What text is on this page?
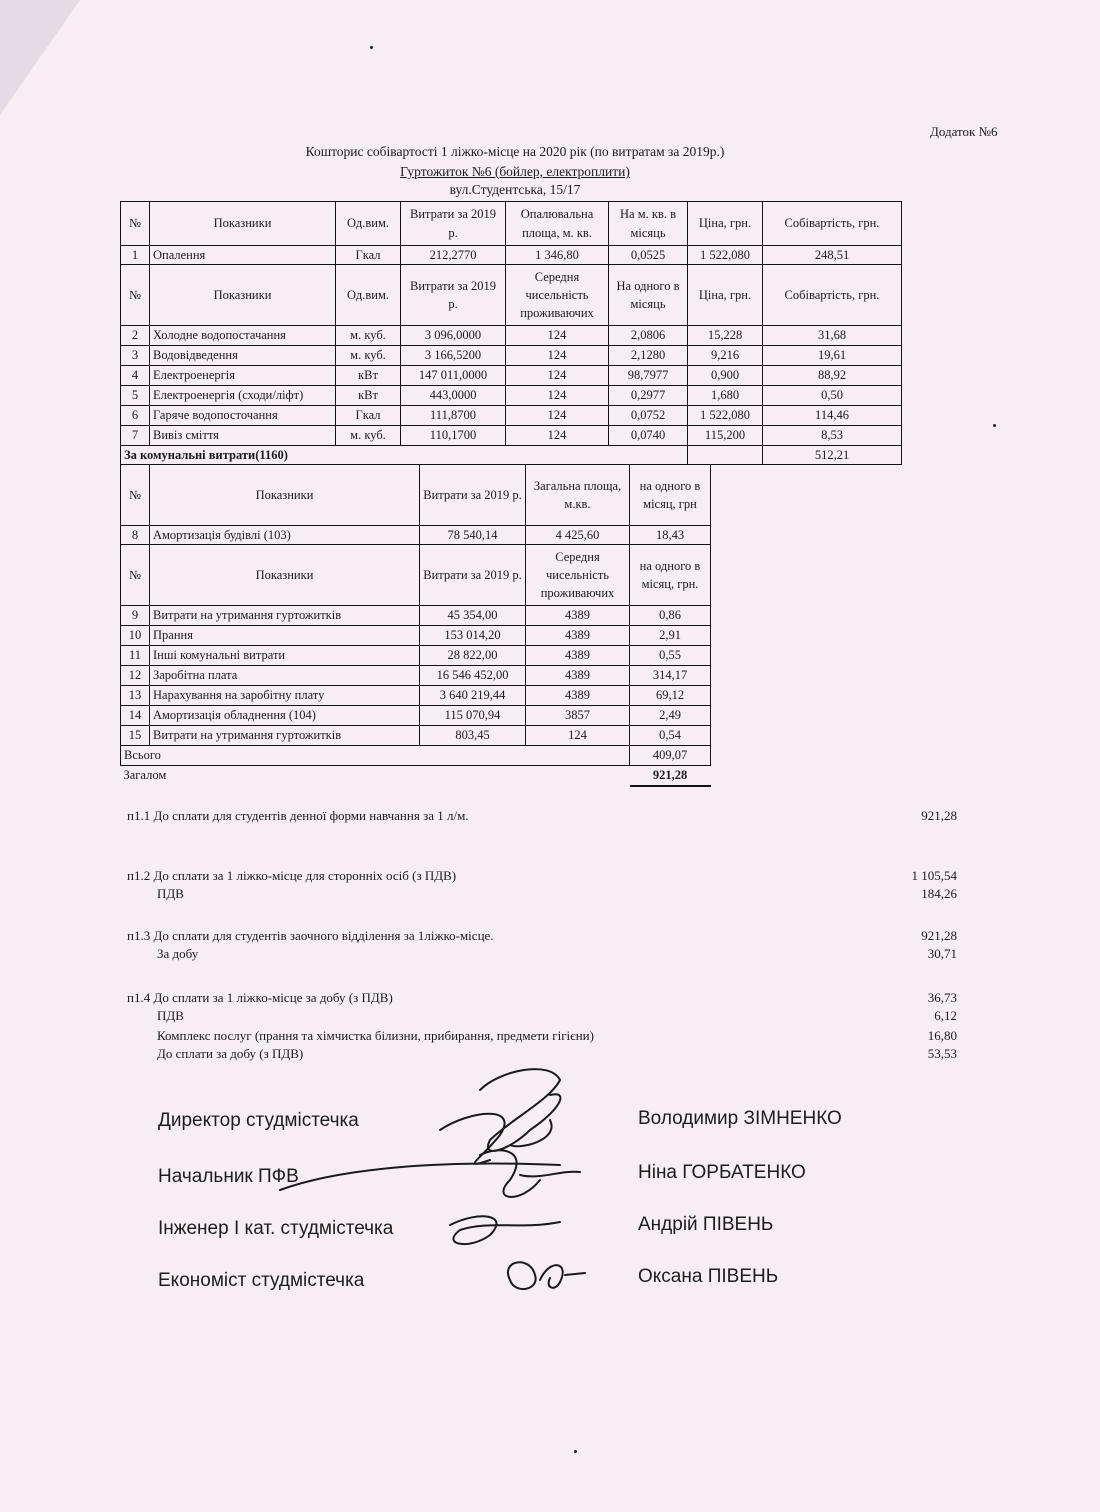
Додаток №6
Кошторис собівартості 1 ліжко-місце на 2020 рік (по витратам за 2019р.)
Гуртожиток №6 (бойлер, електроплити)
вул.Студентська, 15/17
№	Показники	Од.вим.	Витрати за 2019 р.	Опалювальна площа, м. кв.	На м. кв. в місяць	Ціна, грн.	Собівартість, грн.
1	Опалення	Гкал	212,2770	1 346,80	0,0525	1 522,080	248,51
№	Показники	Од.вим.	Витрати за 2019 р.	Середня чисельність проживаючих	На одного в місяць	Ціна, грн.	Собівартість, грн.
2	Холодне водопостачання	м. куб.	3 096,0000	124	2,0806	15,228	31,68
3	Водовідведення	м. куб.	3 166,5200	124	2,1280	9,216	19,61
4	Електроенергія	кВт	147 011,0000	124	98,7977	0,900	88,92
5	Електроенергія (сходи/ліфт)	кВт	443,0000	124	0,2977	1,680	0,50
6	Гаряче водопосточання	Гкал	111,8700	124	0,0752	1 522,080	114,46
7	Вивіз сміття	м. куб.	110,1700	124	0,0740	115,200	8,53
За комунальні витрати(1160)							512,21
№	Показники	Витрати за 2019 р.	Загальна площа, м.кв.	на одного в місяц, грн
8	Амортизація будівлі (103)	78 540,14	4 425,60	18,43
№	Показники	Витрати за 2019 р.	Середня чисельність проживаючих	на одного в місяц, грн.
9	Витрати на утримання гуртожитків	45 354,00	4389	0,86
10	Прання	153 014,20	4389	2,91
11	Інші комунальні витрати	28 822,00	4389	0,55
12	Заробітна плата	16 546 452,00	4389	314,17
13	Нарахування на заробітну плату	3 640 219,44	4389	69,12
14	Амортизація обладнення (104)	115 070,94	3857	2,49
15	Витрати на утримання гуртожитків	803,45	124	0,54
Всього				409,07
Загалом				921,28
п1.1 До сплати для студентів денної форми навчання за 1 л/м.	921,28
п1.2 До сплати за 1 ліжко-місце для сторонніх осіб (з ПДВ)	1 105,54
ПДВ	184,26
п1.3 До сплати для студентів заочного відділення за 1ліжко-місце.	921,28
За добу	30,71
п1.4 До сплати за 1 ліжко-місце за добу (з ПДВ)	36,73
ПДВ	6,12
Комплекс послуг (прання та хімчистка білизни, прибирання, предмети гігієни)	16,80
До сплати за добу (з ПДВ)	53,53
Директор студмістечка	Володимир ЗІМНЕНКО
Начальник ПФВ	Ніна ГОРБАТЕНКО
Інженер І кат. студмістечка	Андрій ПІВЕНЬ
Економіст студмістечка	Оксана ПІВЕНЬ
